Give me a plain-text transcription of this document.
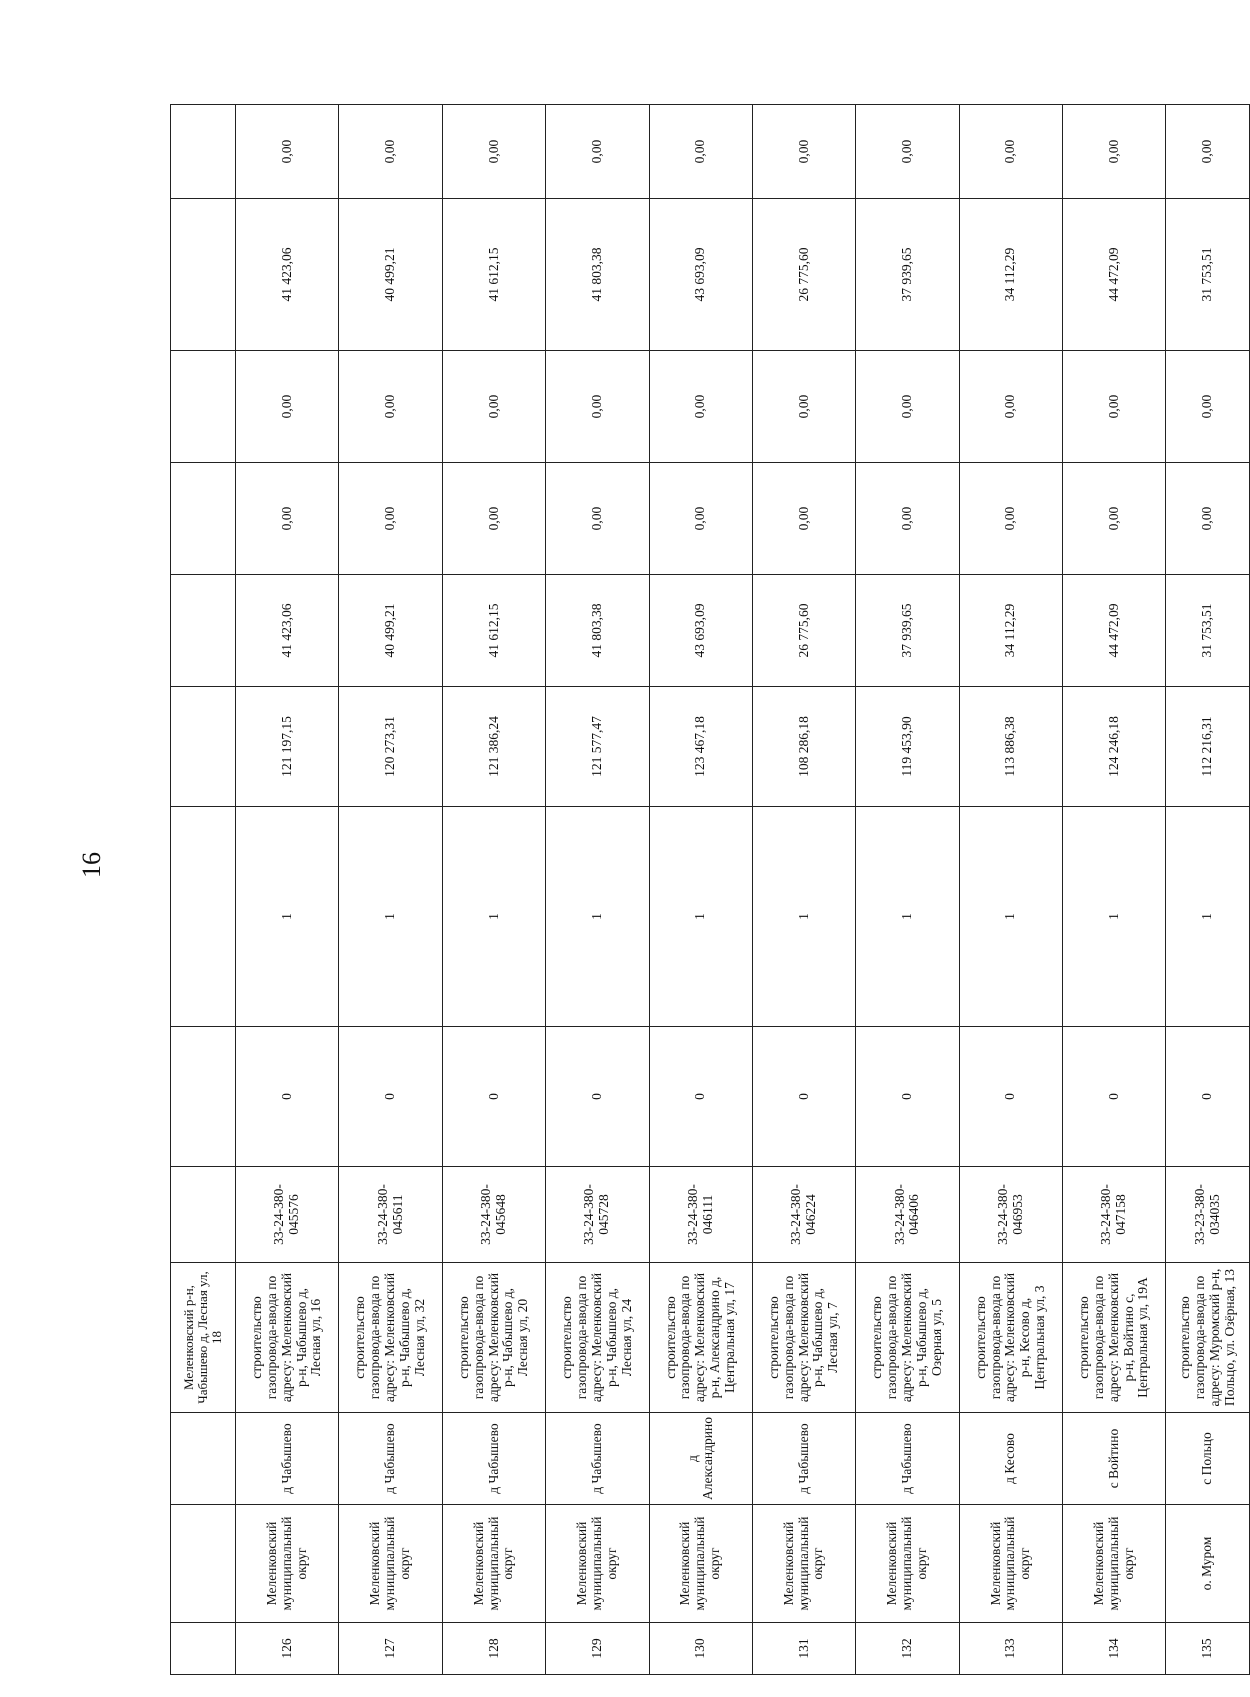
16
			Меленковский р-н, Чабышево д, Лесная ул, 18									
126	Меленковский муниципальный округ	д Чабышево	строительство газопровода-ввода по адресу: Меленковский р-н, Чабышево д, Лесная ул, 16	33-24-380-045576	0	1	121 197,15	41 423,06	0,00	0,00	41 423,06	0,00
127	Меленковский муниципальный округ	д Чабышево	строительство газопровода-ввода по адресу: Меленковский р-н, Чабышево д, Лесная ул, 32	33-24-380-045611	0	1	120 273,31	40 499,21	0,00	0,00	40 499,21	0,00
128	Меленковский муниципальный округ	д Чабышево	строительство газопровода-ввода по адресу: Меленковский р-н, Чабышево д, Лесная ул, 20	33-24-380-045648	0	1	121 386,24	41 612,15	0,00	0,00	41 612,15	0,00
129	Меленковский муниципальный округ	д Чабышево	строительство газопровода-ввода по адресу: Меленковский р-н, Чабышево д, Лесная ул, 24	33-24-380-045728	0	1	121 577,47	41 803,38	0,00	0,00	41 803,38	0,00
130	Меленковский муниципальный округ	д Александрино	строительство газопровода-ввода по адресу: Меленковский р-н, Александрино д, Центральная ул, 17	33-24-380-046111	0	1	123 467,18	43 693,09	0,00	0,00	43 693,09	0,00
131	Меленковский муниципальный округ	д Чабышево	строительство газопровода-ввода по адресу: Меленковский р-н, Чабышево д, Лесная ул, 7	33-24-380-046224	0	1	108 286,18	26 775,60	0,00	0,00	26 775,60	0,00
132	Меленковский муниципальный округ	д Чабышево	строительство газопровода-ввода по адресу: Меленковский р-н, Чабышево д, Озерная ул, 5	33-24-380-046406	0	1	119 453,90	37 939,65	0,00	0,00	37 939,65	0,00
133	Меленковский муниципальный округ	д Кесово	строительство газопровода-ввода по адресу: Меленковский р-н, Кесово д, Центральная ул, 3	33-24-380-046953	0	1	113 886,38	34 112,29	0,00	0,00	34 112,29	0,00
134	Меленковский муниципальный округ	с Войтино	строительство газопровода-ввода по адресу: Меленковский р-н, Войтино с, Центральная ул, 19А	33-24-380-047158	0	1	124 246,18	44 472,09	0,00	0,00	44 472,09	0,00
135	о. Муром	с Польцо	строительство газопровода-ввода по адресу: Муромский р-н, Польцо, ул. Озёрная, 13	33-23-380-034035	0	1	112 216,31	31 753,51	0,00	0,00	31 753,51	0,00
